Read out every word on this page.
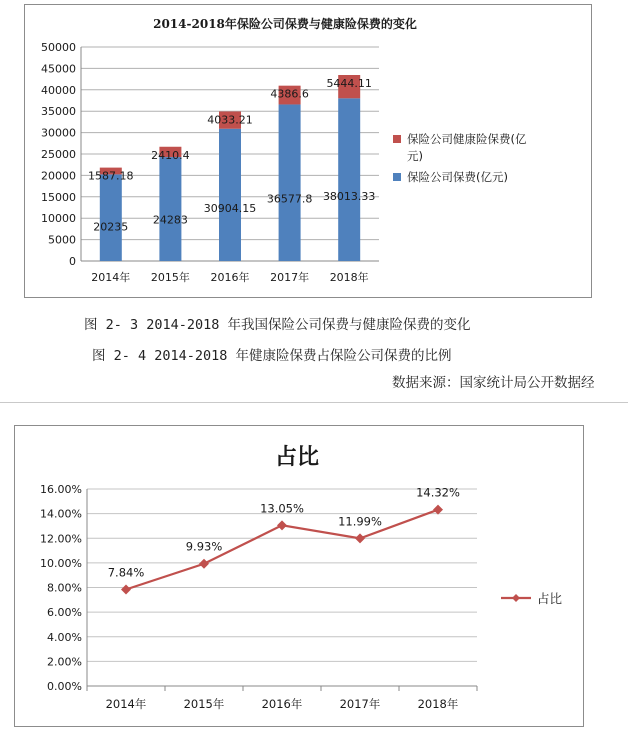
2014-2018年保险公司保费与健康险保费的变化
0
5000
10000
15000
20000
25000
30000
35000
40000
45000
50000
20235
1587.18
2014年
24283
2410.4
2015年
30904.15
4033.21
2016年
36577.8
4386.6
2017年
38013.33
5444.11
2018年
保险公司健康险保费(亿
元)
保险公司保费(亿元)
图 2- 3 2014-2018 年我国保险公司保费与健康险保费的变化
图 2- 4 2014-2018 年健康险保费占保险公司保费的比例
数据来源：国家统计局公开数据经
占比
0.00%
2.00%
4.00%
6.00%
8.00%
10.00%
12.00%
14.00%
16.00%
7.84%
2014年
9.93%
2015年
13.05%
2016年
11.99%
2017年
14.32%
2018年
占比
